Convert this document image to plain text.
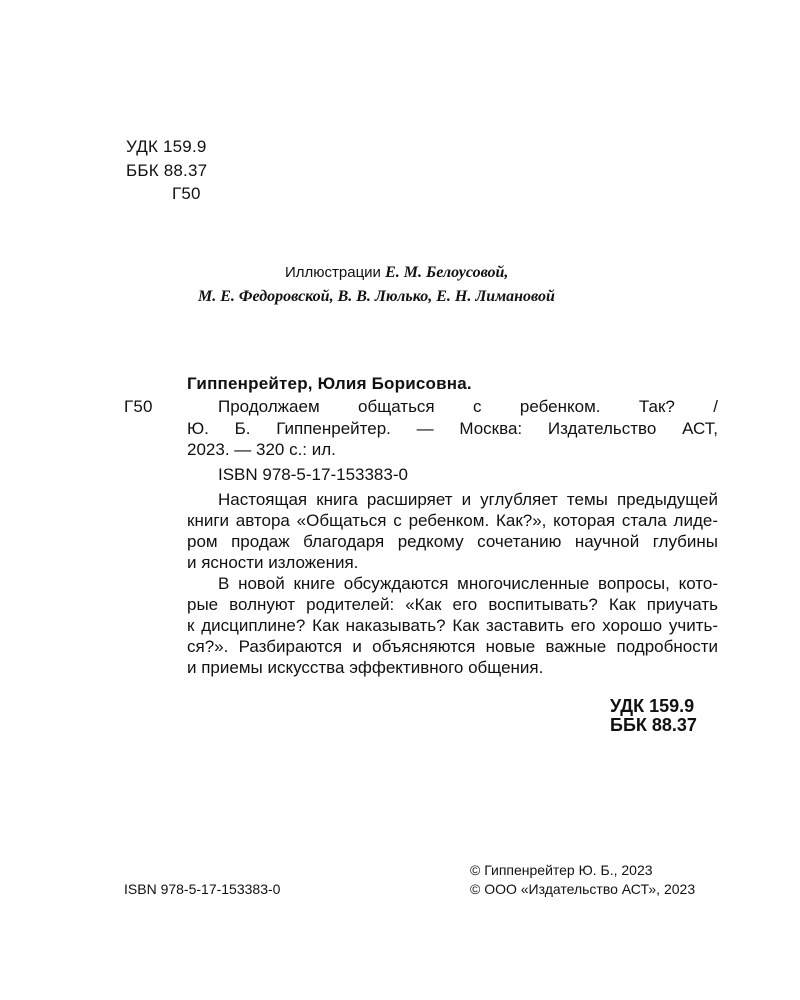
УДК 159.9
ББК 88.37
Г50
Иллюстрации Е. М. Белоусовой,
М. Е. Федоровской, В. В. Люлько, Е. Н. Лимановой
Гиппенрейтер, Юлия Борисовна.
Г50	Продолжаем общаться с ребенком. Так? /
Ю. Б. Гиппенрейтер. — Москва: Издательство АСТ,
2023. — 320 с.: ил.
ISBN 978-5-17-153383-0
Настоящая книга расширяет и углубляет темы предыдущей
книги автора «Общаться с ребенком. Как?», которая стала лиде-
ром продаж благодаря редкому сочетанию научной глубины
и ясности изложения.
В новой книге обсуждаются многочисленные вопросы, кото-
рые волнуют родителей: «Как его воспитывать? Как приучать
к дисциплине? Как наказывать? Как заставить его хорошо учить-
ся?». Разбираются и объясняются новые важные подробности
и приемы искусства эффективного общения.
УДК 159.9
ББК 88.37
ISBN 978-5-17-153383-0
© Гиппенрейтер Ю. Б., 2023
© ООО «Издательство АСТ», 2023
